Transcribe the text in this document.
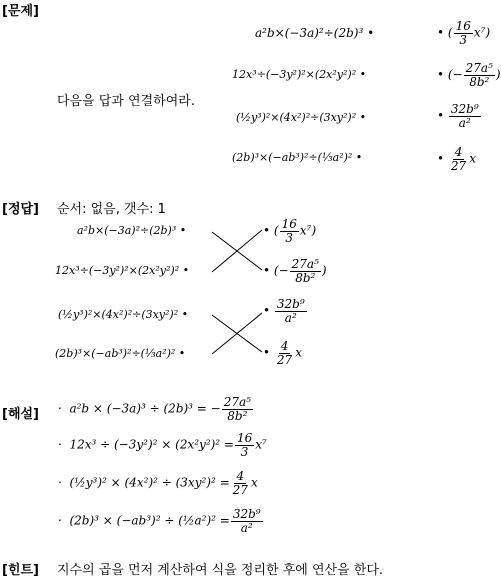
[문제]
다음을 답과 연결하여라.
a²b×(−3a)²÷(2b)³ •
12x³÷(−3y²)²×(2x²y²)² •
(½y³)²×(4x²)²÷(3xy²)² •
(2b)³×(−ab³)²÷(⅓a²)² •
• ( $\frac{16}{3} x^7$)
• (− $\frac{\text{27a⁵}}{\text{8b²}}$ )
• $\frac{\text{32b⁹}}{\text{a²}}$
• $\frac{4}{27}$ x
[정답] 순서: 없음, 갯수: 1
a²b×(−3a)²÷(2b)³ •
12x³÷(−3y²)²×(2x²y²)² •
(½y³)²×(4x²)²÷(3xy²)² •
(2b)³×(−ab³)²÷(⅓a²)² •
• ( $\frac{16}{3} x^7$)
• (− $\frac{\text{27a⁵}}{\text{8b²}}$ )
• $\frac{\text{32b⁹}}{\text{a²}}$
• $\frac{4}{27}$ x
[해설] · a²b × (−3a)³ ÷ (2b)³ = − $\frac{\text{27a⁵}}{\text{8b²}}$
· $12x^3 \div (-3y^2)^2 \times (2x^2y^2)^2 = \frac{16}{3} x^7$
· (½y³)² × $(4x^2)^2 \div (3xy^2)^2 = \frac{4}{27}$ x
· (2b)³ × (−ab³)² ÷ (½a²)² = $\frac{\text{32b⁹}}{\text{a²}}$
[힌트] 지수의 곱을 먼저 계산하여 식을 정리한 후에 연산을 한다.
